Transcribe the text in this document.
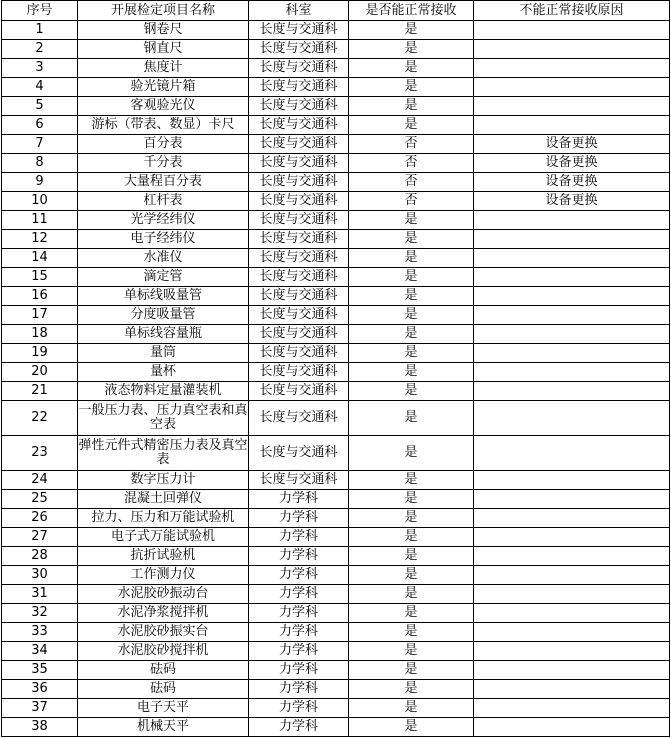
序号	开展检定项目名称	科室	是否能正常接收	不能正常接收原因
1	钢卷尺	长度与交通科	是	
2	钢直尺	长度与交通科	是	
3	焦度计	长度与交通科	是	
4	验光镜片箱	长度与交通科	是	
5	客观验光仪	长度与交通科	是	
6	游标（带表、数显）卡尺	长度与交通科	是	
7	百分表	长度与交通科	否	设备更换
8	千分表	长度与交通科	否	设备更换
9	大量程百分表	长度与交通科	否	设备更换
10	杠杆表	长度与交通科	否	设备更换
11	光学经纬仪	长度与交通科	是	
12	电子经纬仪	长度与交通科	是	
14	水准仪	长度与交通科	是	
15	滴定管	长度与交通科	是	
16	单标线吸量管	长度与交通科	是	
17	分度吸量管	长度与交通科	是	
18	单标线容量瓶	长度与交通科	是	
19	量筒	长度与交通科	是	
20	量杯	长度与交通科	是	
21	液态物料定量灌装机	长度与交通科	是	
22	一般压力表、压力真空表和真空表	长度与交通科	是	
23	弹性元件式精密压力表及真空表	长度与交通科	是	
24	数字压力计	长度与交通科	是	
25	混凝土回弹仪	力学科	是	
26	拉力、压力和万能试验机	力学科	是	
27	电子式万能试验机	力学科	是	
28	抗折试验机	力学科	是	
30	工作测力仪	力学科	是	
31	水泥胶砂振动台	力学科	是	
32	水泥净浆搅拌机	力学科	是	
33	水泥胶砂振实台	力学科	是	
34	水泥胶砂搅拌机	力学科	是	
35	砝码	力学科	是	
36	砝码	力学科	是	
37	电子天平	力学科	是	
38	机械天平	力学科	是	
